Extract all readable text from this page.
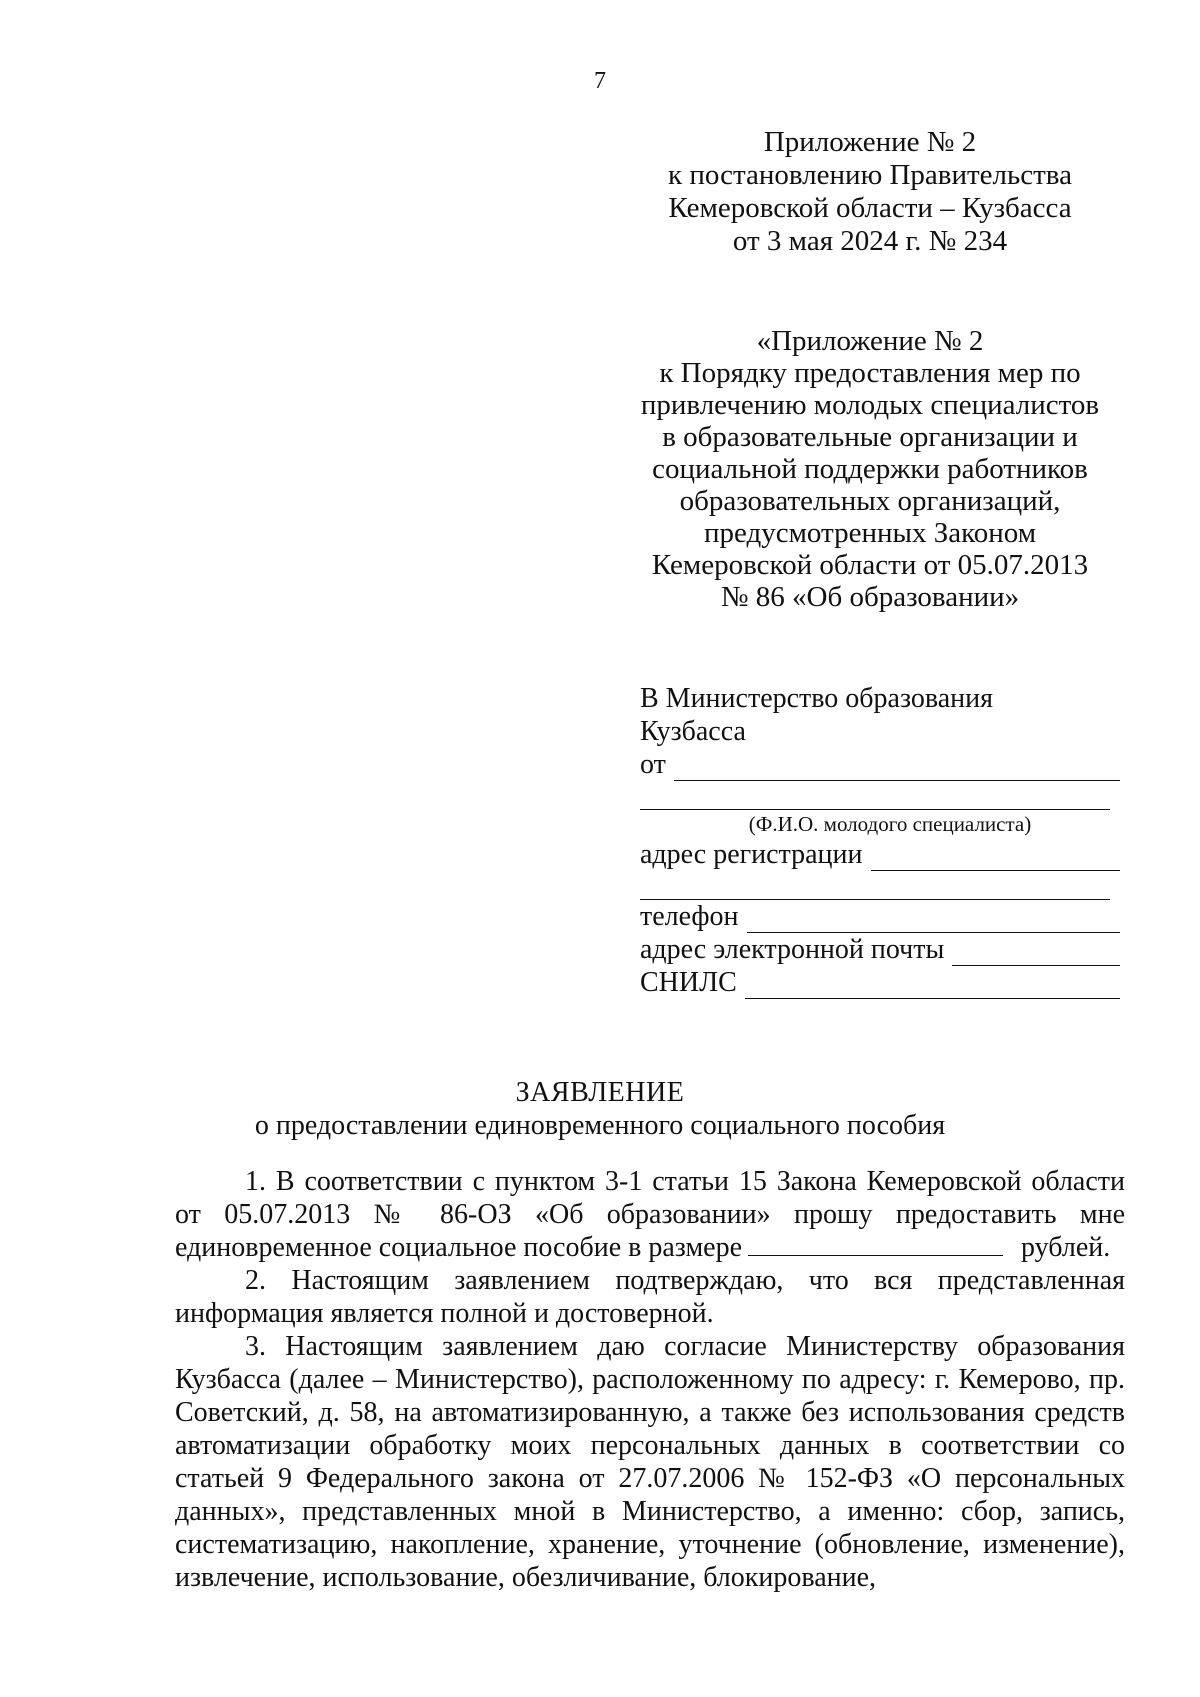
7
Приложение № 2
к постановлению Правительства
Кемеровской области – Кузбасса
от 3 мая 2024 г. № 234
«Приложение № 2
к Порядку предоставления мер по
привлечению молодых специалистов
в образовательные организации и
социальной поддержки работников
образовательных организаций,
предусмотренных Законом
Кемеровской области от 05.07.2013
№ 86 «Об образовании»
В Министерство образования
Кузбасса
от
(Ф.И.О. молодого специалиста)
адрес регистрации
телефон
адрес электронной почты
СНИЛС
ЗАЯВЛЕНИЕ
о предоставлении единовременного социального пособия

1. В соответствии с пунктом 3-1 статьи 15 Закона Кемеровской области от 05.07.2013 № 86-ОЗ «Об образовании» прошу предоставить мне единовременное социальное пособие в размере	рублей.

2. Настоящим заявлением подтверждаю, что вся представленная информация является полной и достоверной.

3. Настоящим заявлением даю согласие Министерству образования Кузбасса (далее – Министерство), расположенному по адресу: г. Кемерово, пр. Советский, д. 58, на автоматизированную, а также без использования средств автоматизации обработку моих персональных данных в соответствии со статьей 9 Федерального закона от 27.07.2006 № 152-ФЗ «О персональных данных», представленных мной в Министерство, а именно: сбор, запись, систематизацию, накопление, хранение, уточнение (обновление, изменение), извлечение, использование, обезличивание, блокирование,
